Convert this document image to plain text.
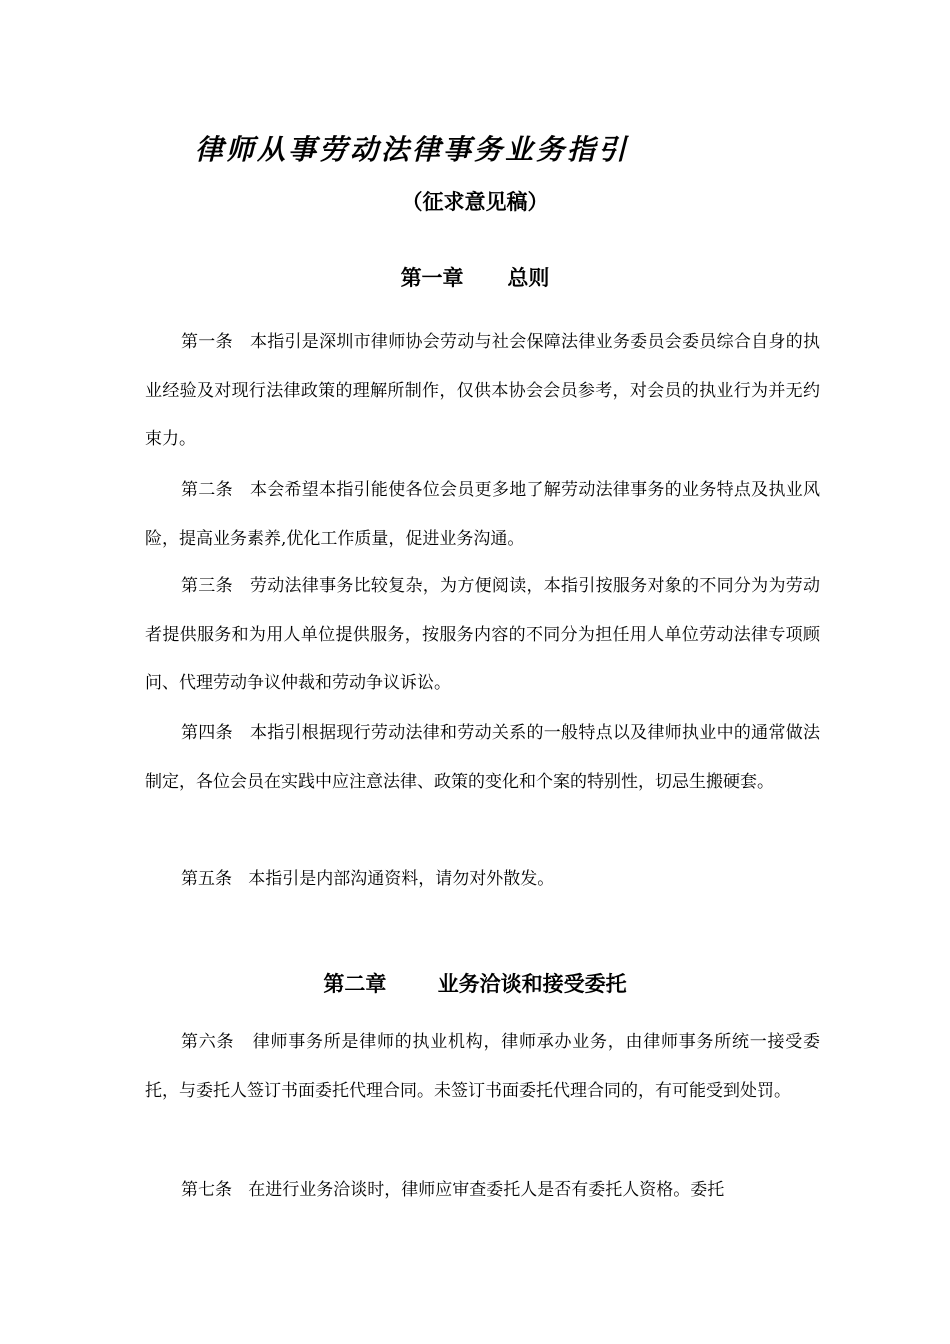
律师从事劳动法律事务业务指引
（征求意见稿）
第一章      总则

第一条 本指引是深圳市律师协会劳动与社会保障法律业务委员会委员综合自身的执业经验及对现行法律政策的理解所制作，仅供本协会会员参考，对会员的执业行为并无约束力。

第二条 本会希望本指引能使各位会员更多地了解劳动法律事务的业务特点及执业风险，提高业务素养,优化工作质量，促进业务沟通。

第三条 劳动法律事务比较复杂，为方便阅读，本指引按服务对象的不同分为为劳动者提供服务和为用人单位提供服务，按服务内容的不同分为担任用人单位劳动法律专项顾问、代理劳动争议仲裁和劳动争议诉讼。

第四条 本指引根据现行劳动法律和劳动关系的一般特点以及律师执业中的通常做法制定，各位会员在实践中应注意法律、政策的变化和个案的特别性，切忌生搬硬套。

第五条 本指引是内部沟通资料，请勿对外散发。

第二章       业务洽谈和接受委托

第六条 律师事务所是律师的执业机构，律师承办业务，由律师事务所统一接受委托，与委托人签订书面委托代理合同。未签订书面委托代理合同的，有可能受到处罚。

第七条 在进行业务洽谈时，律师应审查委托人是否有委托人资格。委托
